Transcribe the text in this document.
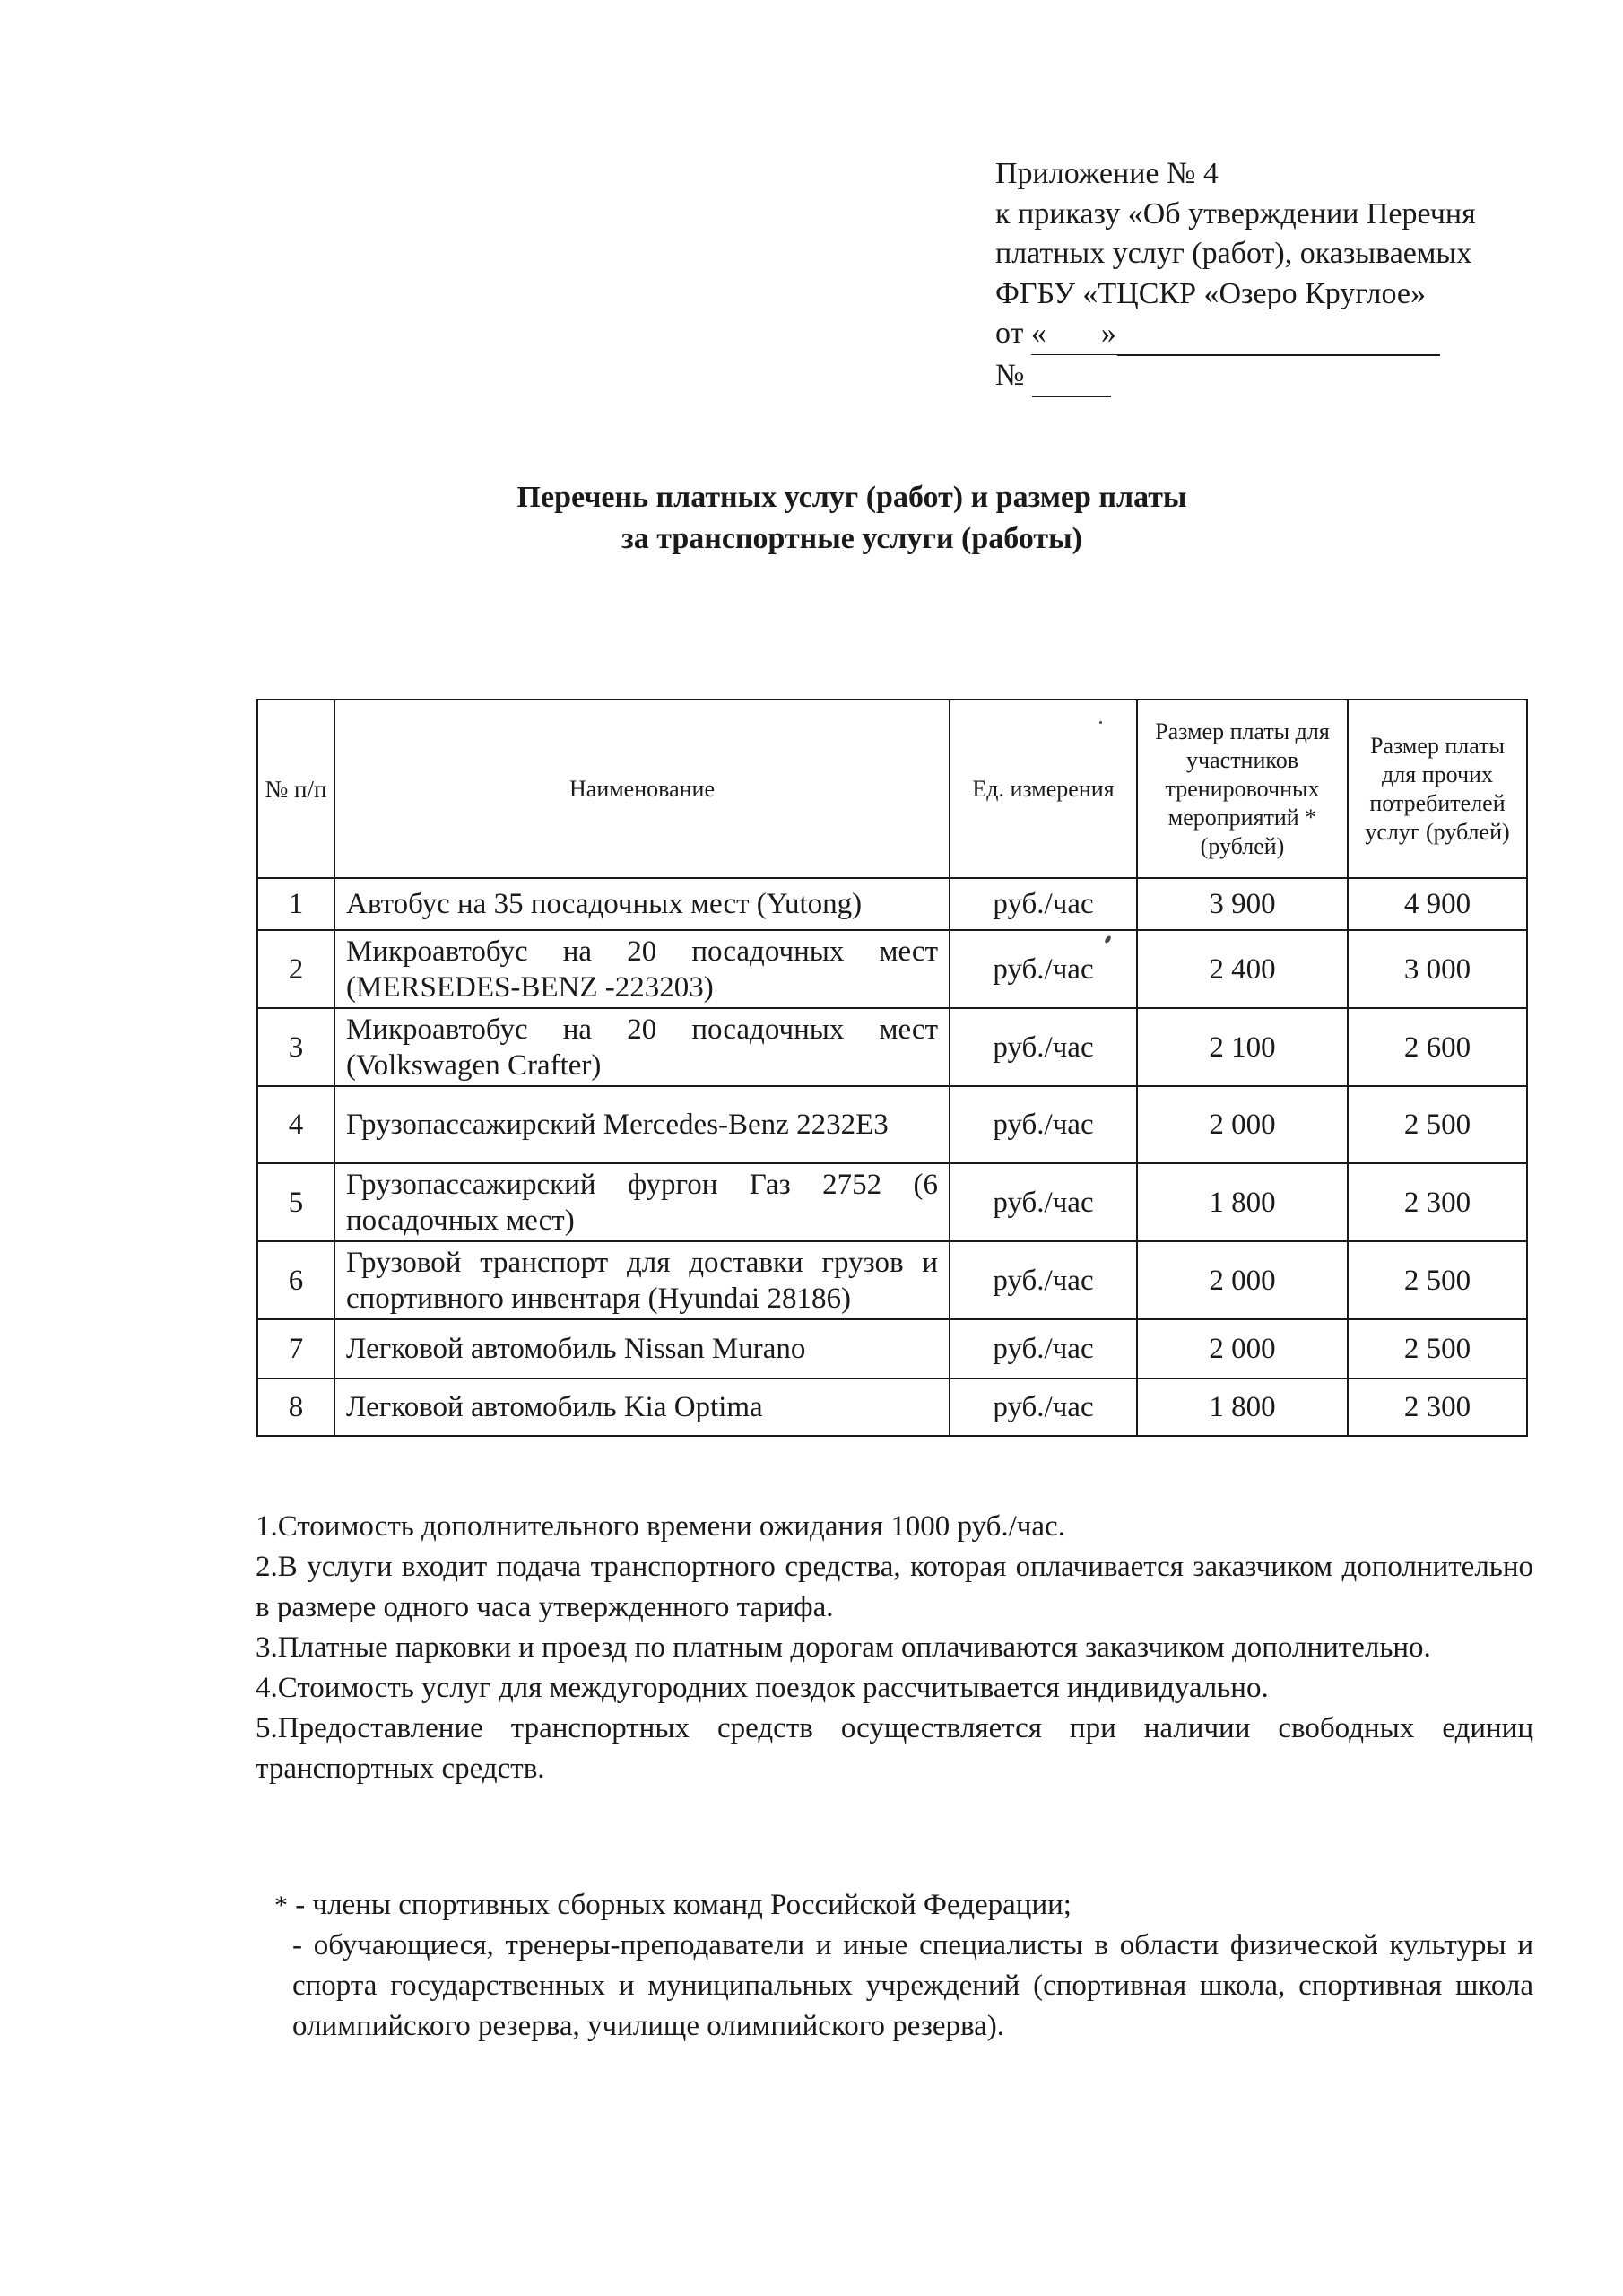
Приложение № 4
к приказу «Об утверждении Перечня
платных услуг (работ), оказываемых
ФГБУ «ТЦСКР «Озеро Круглое»
от « »
№
Перечень платных услуг (работ) и размер платы
за транспортные услуги (работы)
№ п/п	Наименование	Ед. измерения	Размер платы для участников тренировочных мероприятий * (рублей)	Размер платы для прочих потребителей услуг (рублей)
1	Автобус на 35 посадочных мест (Yutong)	руб./час	3 900	4 900
2	Микроавтобус на 20 посадочных мест (MERSEDES-BENZ -223203)	руб./час	2 400	3 000
3	Микроавтобус на 20 посадочных мест (Volkswagen Crafter)	руб./час	2 100	2 600
4	Грузопассажирский Mercedes-Benz 2232Е3	руб./час	2 000	2 500
5	Грузопассажирский фургон Газ 2752 (6 посадочных мест)	руб./час	1 800	2 300
6	Грузовой транспорт для доставки грузов и спортивного инвентаря (Hyundai 28186)	руб./час	2 000	2 500
7	Легковой автомобиль Nissan Murano	руб./час	2 000	2 500
8	Легковой автомобиль Kia Optima	руб./час	1 800	2 300

1.Стоимость дополнительного времени ожидания 1000 руб./час.

2.В услуги входит подача транспортного средства, которая оплачивается заказчиком дополнительно в размере одного часа утвержденного тарифа.

3.Платные парковки и проезд по платным дорогам оплачиваются заказчиком дополнительно.

4.Стоимость услуг для междугородних поездок рассчитывается индивидуально.

5.Предоставление транспортных средств осуществляется при наличии свободных единиц транспортных средств.

* - члены спортивных сборных команд Российской Федерации;

- обучающиеся, тренеры-преподаватели и иные специалисты в области физической культуры и спорта государственных и муниципальных учреждений (спортивная школа, спортивная школа олимпийского резерва, училище олимпийского резерва).
